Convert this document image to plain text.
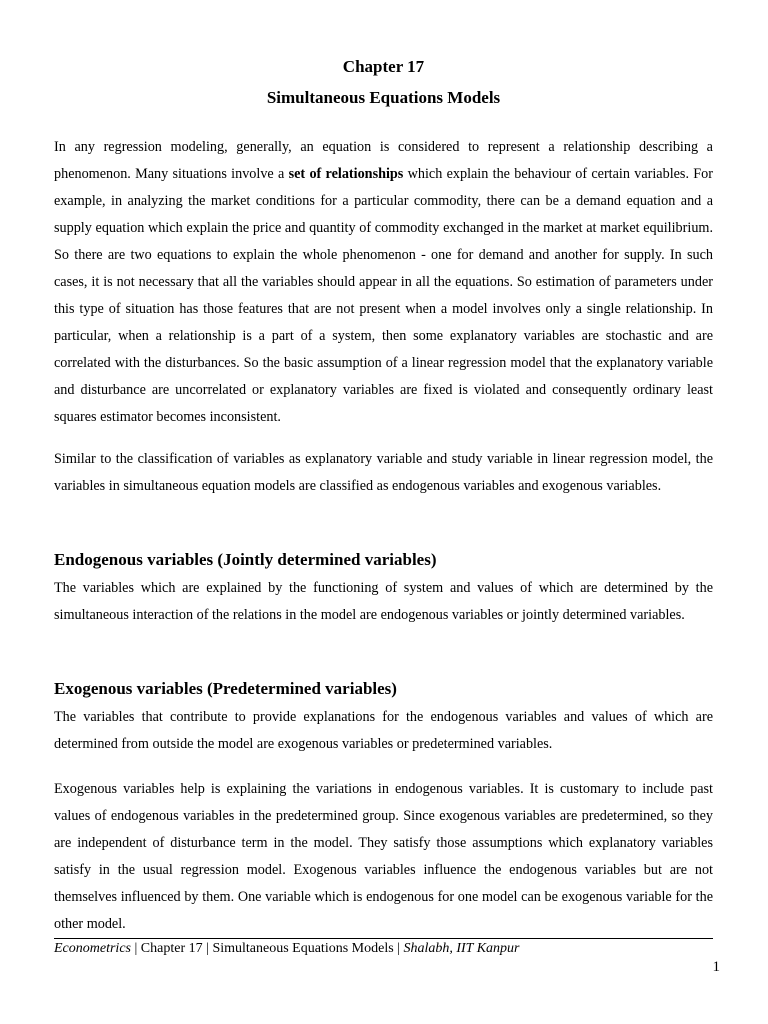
Chapter 17
Simultaneous Equations Models

In any regression modeling, generally, an equation is considered to represent a relationship describing a phenomenon. Many situations involve a set of relationships which explain the behaviour of certain variables. For example, in analyzing the market conditions for a particular commodity, there can be a demand equation and a supply equation which explain the price and quantity of commodity exchanged in the market at market equilibrium. So there are two equations to explain the whole phenomenon - one for demand and another for supply. In such cases, it is not necessary that all the variables should appear in all the equations. So estimation of parameters under this type of situation has those features that are not present when a model involves only a single relationship. In particular, when a relationship is a part of a system, then some explanatory variables are stochastic and are correlated with the disturbances. So the basic assumption of a linear regression model that the explanatory variable and disturbance are uncorrelated or explanatory variables are fixed is violated and consequently ordinary least squares estimator becomes inconsistent.

Similar to the classification of variables as explanatory variable and study variable in linear regression model, the variables in simultaneous equation models are classified as endogenous variables and exogenous variables.

Endogenous variables (Jointly determined variables)

The variables which are explained by the functioning of system and values of which are determined by the simultaneous interaction of the relations in the model are endogenous variables or jointly determined variables.

Exogenous variables (Predetermined variables)

The variables that contribute to provide explanations for the endogenous variables and values of which are determined from outside the model are exogenous variables or predetermined variables.

Exogenous variables help is explaining the variations in endogenous variables. It is customary to include past values of endogenous variables in the predetermined group. Since exogenous variables are predetermined, so they are independent of disturbance term in the model. They satisfy those assumptions which explanatory variables satisfy in the usual regression model. Exogenous variables influence the endogenous variables but are not themselves influenced by them. One variable which is endogenous for one model can be exogenous variable for the other model.

Econometrics | Chapter 17 | Simultaneous Equations Models | Shalabh, IIT Kanpur
1
